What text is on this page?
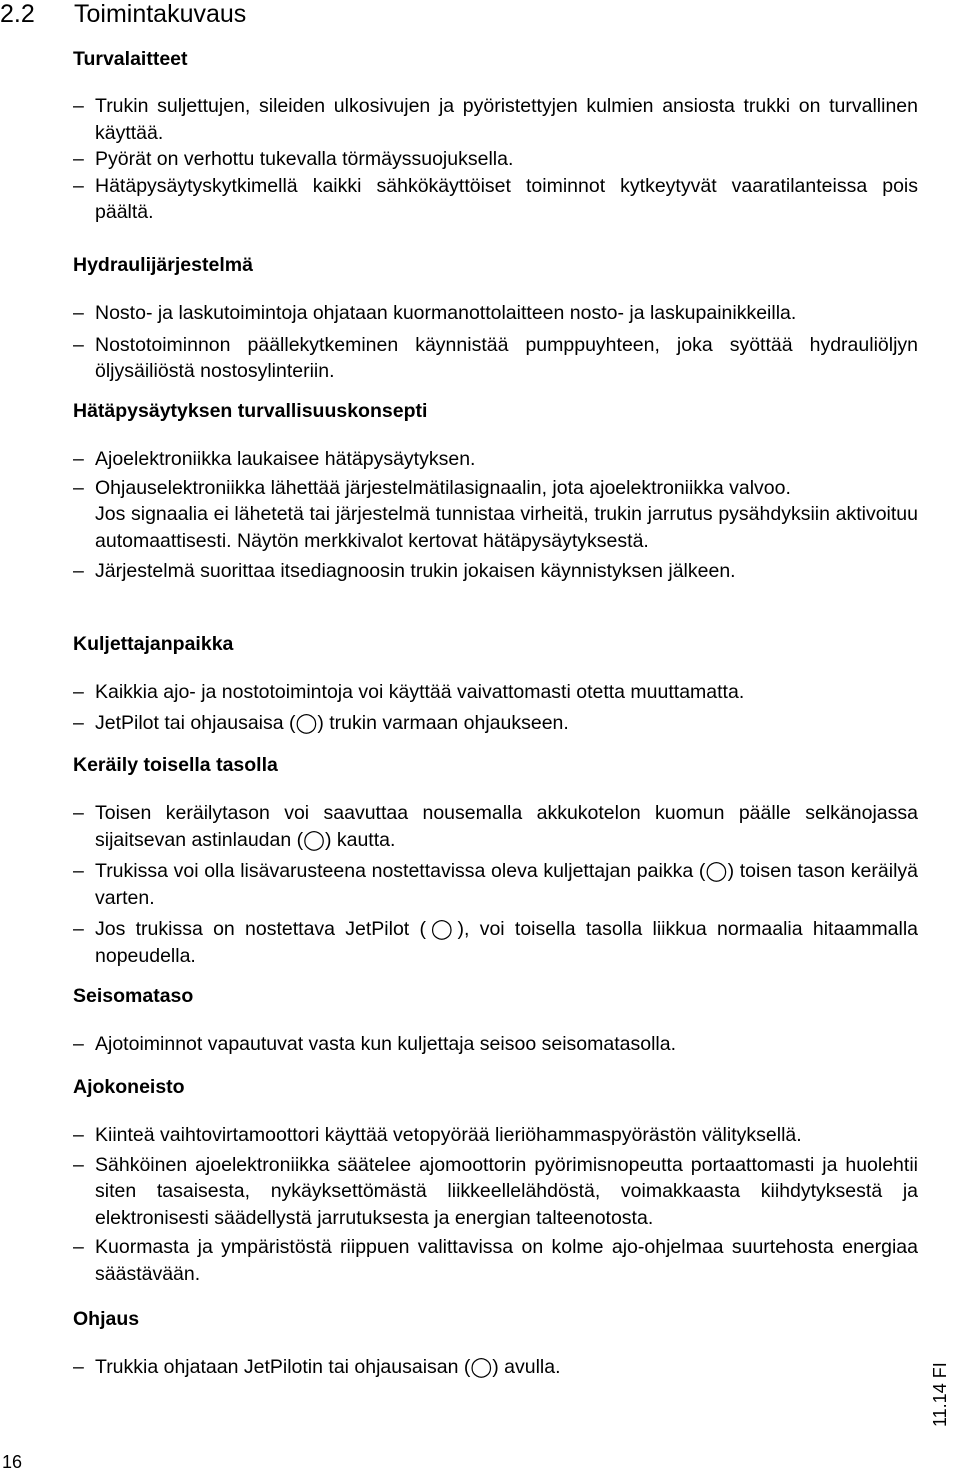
2.2 Toimintakuvaus
Turvalaitteet
– Trukin suljettujen, sileiden ulkosivujen ja pyöristettyjen kulmien ansiosta trukki on turvallinen käyttää.
– Pyörät on verhottu tukevalla törmäyssuojuksella.
– Hätäpysäytyskytkimellä kaikki sähkökäyttöiset toiminnot kytkeytyvät vaaratilanteissa pois päältä.
Hydraulijärjestelmä
– Nosto- ja laskutoimintoja ohjataan kuormanottolaitteen nosto- ja laskupainikkeilla.
– Nostotoiminnon päällekytkeminen käynnistää pumppuyhteen, joka syöttää hydrauliöljyn öljysäiliöstä nostosylinteriin.
Hätäpysäytyksen turvallisuuskonsepti
– Ajoelektroniikka laukaisee hätäpysäytyksen.
– Ohjauselektroniikka lähettää järjestelmätilasignaalin, jota ajoelektroniikka valvoo.
Jos signaalia ei lähetetä tai järjestelmä tunnistaa virheitä, trukin jarrutus pysähdyksiin aktivoituu automaattisesti. Näytön merkkivalot kertovat hätäpysäytyksestä.
– Järjestelmä suorittaa itsediagnoosin trukin jokaisen käynnistyksen jälkeen.
Kuljettajanpaikka
– Kaikkia ajo- ja nostotoimintoja voi käyttää vaivattomasti otetta muuttamatta.
– JetPilot tai ohjausaisa (◯) trukin varmaan ohjaukseen.
Keräily toisella tasolla
– Toisen keräilytason voi saavuttaa nousemalla akkukotelon kuomun päälle selkänojassa sijaitsevan astinlaudan (◯) kautta.
– Trukissa voi olla lisävarusteena nostettavissa oleva kuljettajan paikka (◯) toisen tason keräilyä varten.
– Jos trukissa on nostettava JetPilot (◯), voi toisella tasolla liikkua normaalia hitaammalla nopeudella.
Seisomataso
– Ajotoiminnot vapautuvat vasta kun kuljettaja seisoo seisomatasolla.
Ajokoneisto
– Kiinteä vaihtovirtamoottori käyttää vetopyörää lieriöhammaspyörästön välityksellä.
– Sähköinen ajoelektroniikka säätelee ajomoottorin pyörimisnopeutta portaattomasti ja huolehtii siten tasaisesta, nykäyksettömästä liikkeellelähdöstä, voimakkaasta kiihdytyksestä ja elektronisesti säädellystä jarrutuksesta ja energian talteenotosta.
– Kuormasta ja ympäristöstä riippuen valittavissa on kolme ajo-ohjelmaa suurtehosta energiaa säästävään.
Ohjaus
– Trukkia ohjataan JetPilotin tai ohjausaisan (◯) avulla.
16
11.14 FI
